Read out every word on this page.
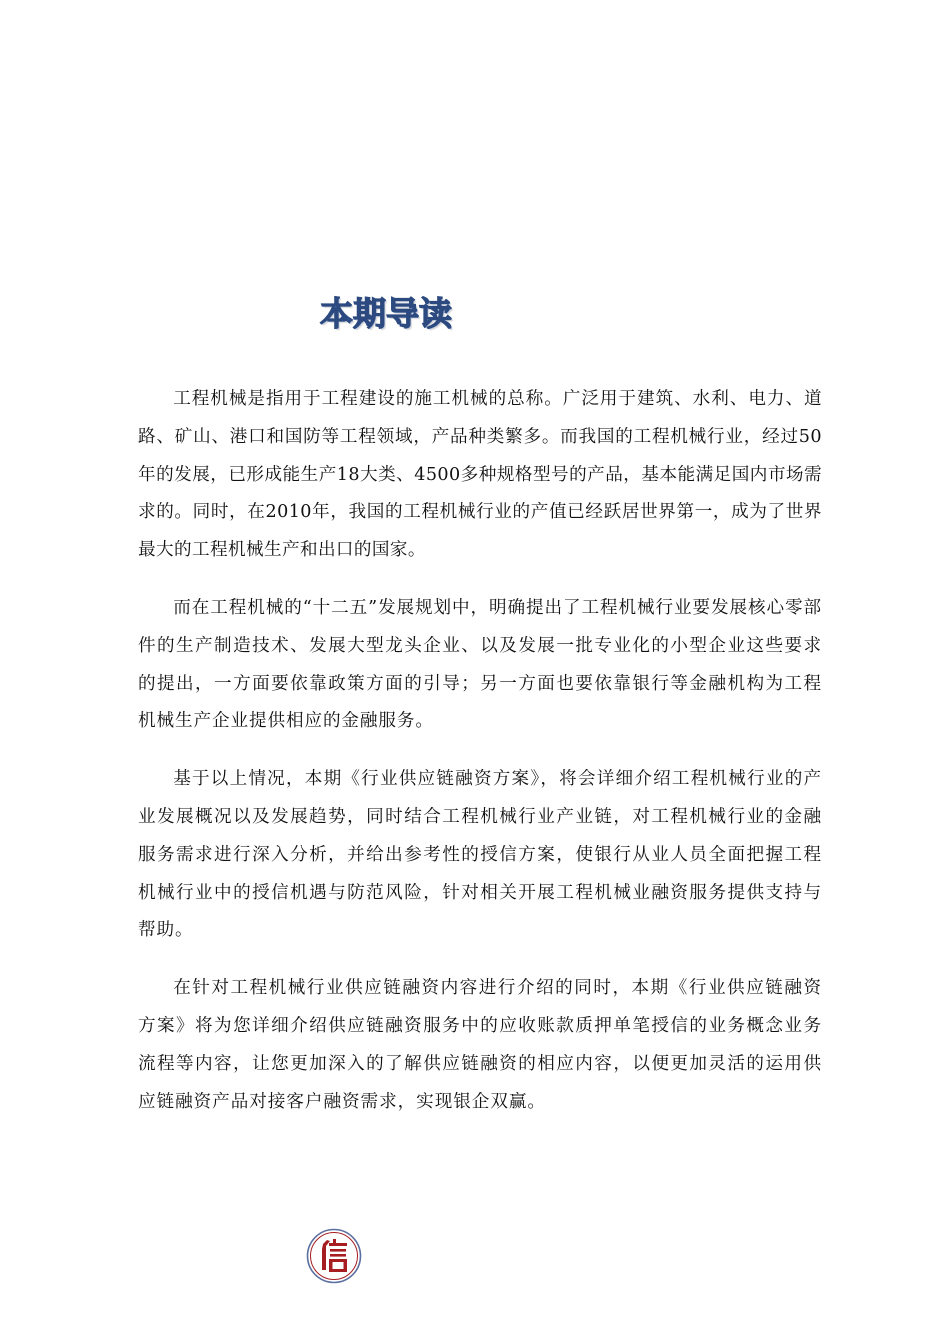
本期导读

工程机械是指用于工程建设的施工机械的总称。广泛用于建筑、水利、电力、道路、矿山、港口和国防等工程领域，产品种类繁多。而我国的工程机械行业，经过50年的发展，已形成能生产18大类、4500多种规格型号的产品，基本能满足国内市场需求的。同时，在2010年，我国的工程机械行业的产值已经跃居世界第一，成为了世界最大的工程机械生产和出口的国家。

而在工程机械的“十二五”发展规划中，明确提出了工程机械行业要发展核心零部件的生产制造技术、发展大型龙头企业、以及发展一批专业化的小型企业这些要求的提出，一方面要依靠政策方面的引导；另一方面也要依靠银行等金融机构为工程机械生产企业提供相应的金融服务。

基于以上情况，本期《行业供应链融资方案》，将会详细介绍工程机械行业的产业发展概况以及发展趋势，同时结合工程机械行业产业链，对工程机械行业的金融服务需求进行深入分析，并给出参考性的授信方案，使银行从业人员全面把握工程机械行业中的授信机遇与防范风险，针对相关开展工程机械业融资服务提供支持与帮助。

在针对工程机械行业供应链融资内容进行介绍的同时，本期《行业供应链融资方案》将为您详细介绍供应链融资服务中的应收账款质押单笔授信的业务概念业务流程等内容，让您更加深入的了解供应链融资的相应内容，以便更加灵活的运用供应链融资产品对接客户融资需求，实现银企双赢。
